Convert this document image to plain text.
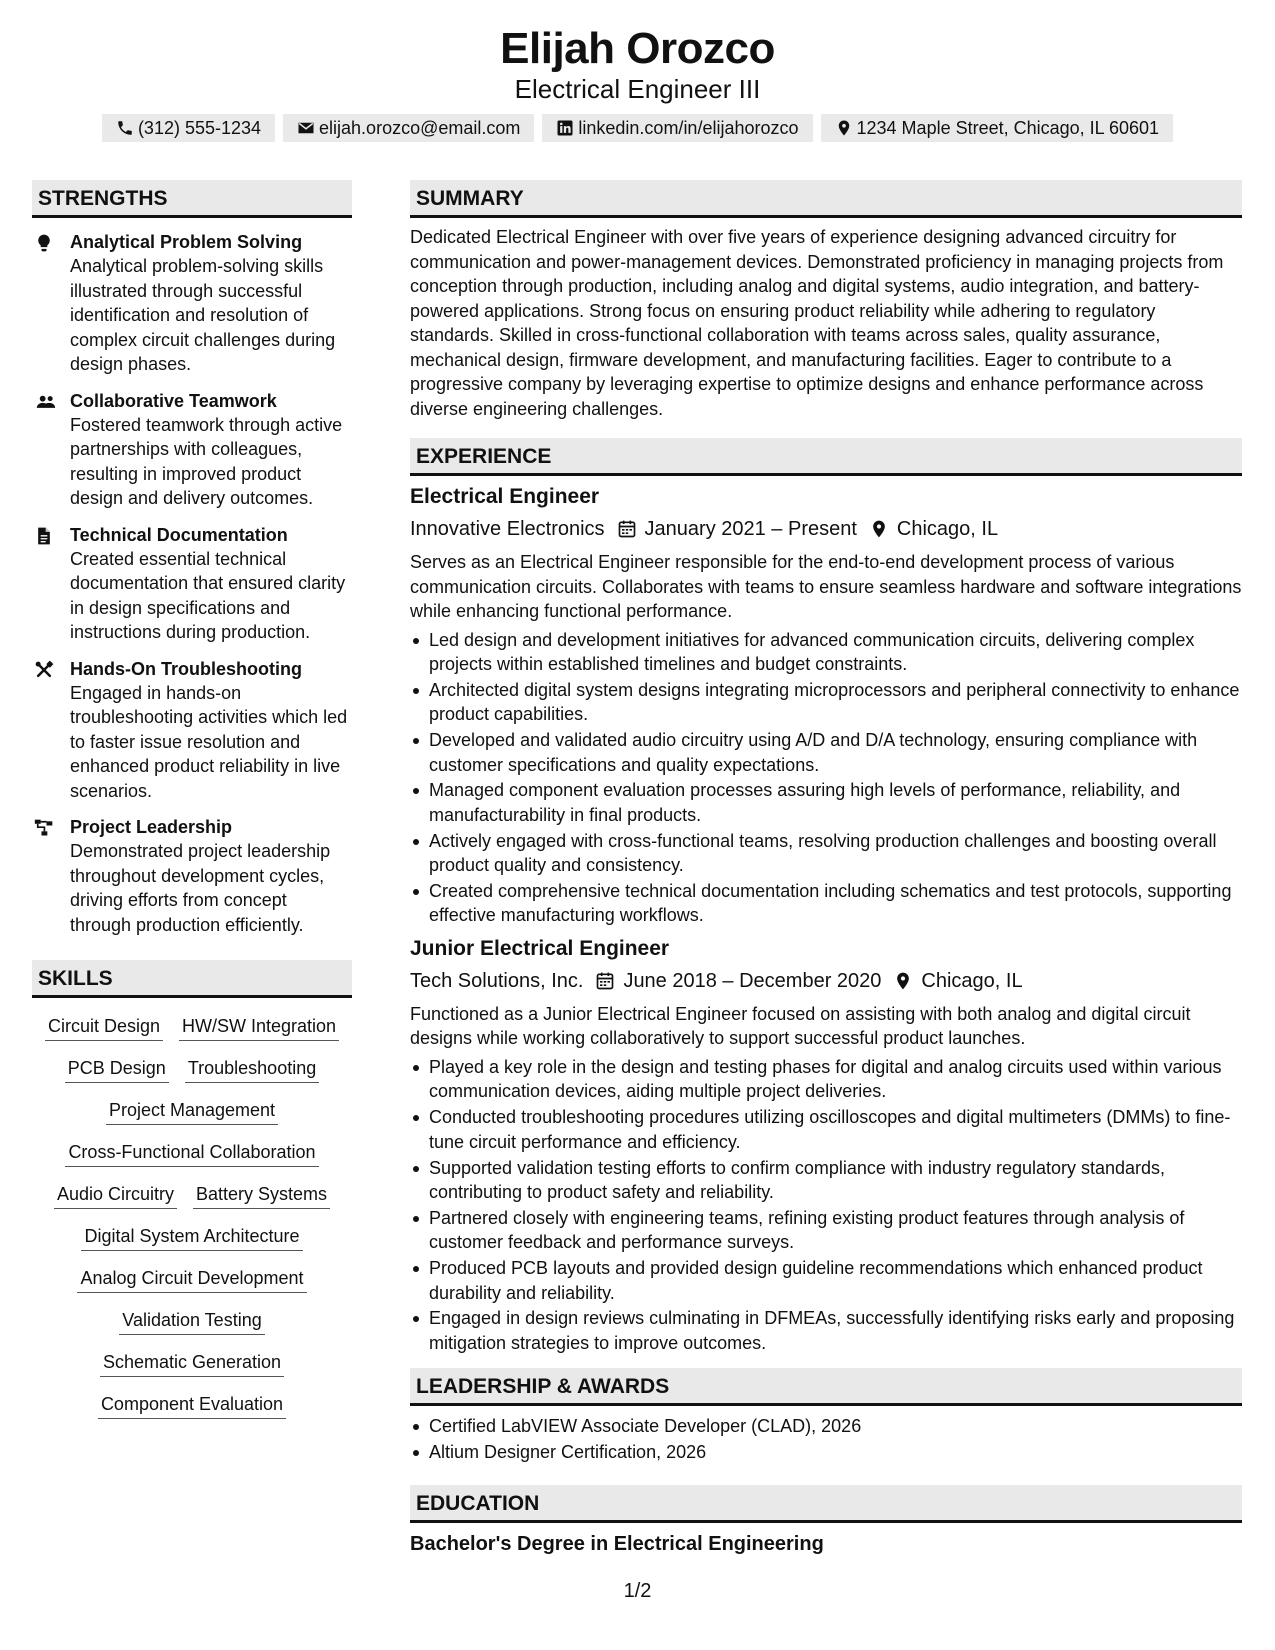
Elijah Orozco
Electrical Engineer III
(312) 555-1234	elijah.orozco@email.com	linkedin.com/in/elijahorozco	1234 Maple Street, Chicago, IL 60601
STRENGTHS
Analytical Problem Solving
Analytical problem-solving skills illustrated through successful identification and resolution of complex circuit challenges during design phases.
Collaborative Teamwork
Fostered teamwork through active partnerships with colleagues, resulting in improved product design and delivery outcomes.
Technical Documentation
Created essential technical documentation that ensured clarity in design specifications and instructions during production.
Hands-On Troubleshooting
Engaged in hands-on troubleshooting activities which led to faster issue resolution and enhanced product reliability in live scenarios.
Project Leadership
Demonstrated project leadership throughout development cycles, driving efforts from concept through production efficiently.
SKILLS
Circuit Design HW/SW Integration
PCB Design Troubleshooting
Project Management
Cross-Functional Collaboration
Audio Circuitry Battery Systems
Digital System Architecture
Analog Circuit Development
Validation Testing
Schematic Generation
Component Evaluation
SUMMARY
Dedicated Electrical Engineer with over five years of experience designing advanced circuitry for communication and power-management devices. Demonstrated proficiency in managing projects from conception through production, including analog and digital systems, audio integration, and battery-powered applications. Strong focus on ensuring product reliability while adhering to regulatory standards. Skilled in cross-functional collaboration with teams across sales, quality assurance, mechanical design, firmware development, and manufacturing facilities. Eager to contribute to a progressive company by leveraging expertise to optimize designs and enhance performance across diverse engineering challenges.
EXPERIENCE
Electrical Engineer
Innovative Electronics January 2021 – Present Chicago, IL
Serves as an Electrical Engineer responsible for the end-to-end development process of various communication circuits. Collaborates with teams to ensure seamless hardware and software integrations while enhancing functional performance.
Led design and development initiatives for advanced communication circuits, delivering complex projects within established timelines and budget constraints.
Architected digital system designs integrating microprocessors and peripheral connectivity to enhance product capabilities.
Developed and validated audio circuitry using A/D and D/A technology, ensuring compliance with customer specifications and quality expectations.
Managed component evaluation processes assuring high levels of performance, reliability, and manufacturability in final products.
Actively engaged with cross-functional teams, resolving production challenges and boosting overall product quality and consistency.
Created comprehensive technical documentation including schematics and test protocols, supporting effective manufacturing workflows.
Junior Electrical Engineer
Tech Solutions, Inc. June 2018 – December 2020 Chicago, IL
Functioned as a Junior Electrical Engineer focused on assisting with both analog and digital circuit designs while working collaboratively to support successful product launches.
Played a key role in the design and testing phases for digital and analog circuits used within various communication devices, aiding multiple project deliveries.
Conducted troubleshooting procedures utilizing oscilloscopes and digital multimeters (DMMs) to fine-tune circuit performance and efficiency.
Supported validation testing efforts to confirm compliance with industry regulatory standards, contributing to product safety and reliability.
Partnered closely with engineering teams, refining existing product features through analysis of customer feedback and performance surveys.
Produced PCB layouts and provided design guideline recommendations which enhanced product durability and reliability.
Engaged in design reviews culminating in DFMEAs, successfully identifying risks early and proposing mitigation strategies to improve outcomes.
LEADERSHIP & AWARDS
Certified LabVIEW Associate Developer (CLAD), 2026
Altium Designer Certification, 2026
EDUCATION
Bachelor's Degree in Electrical Engineering
1/2
